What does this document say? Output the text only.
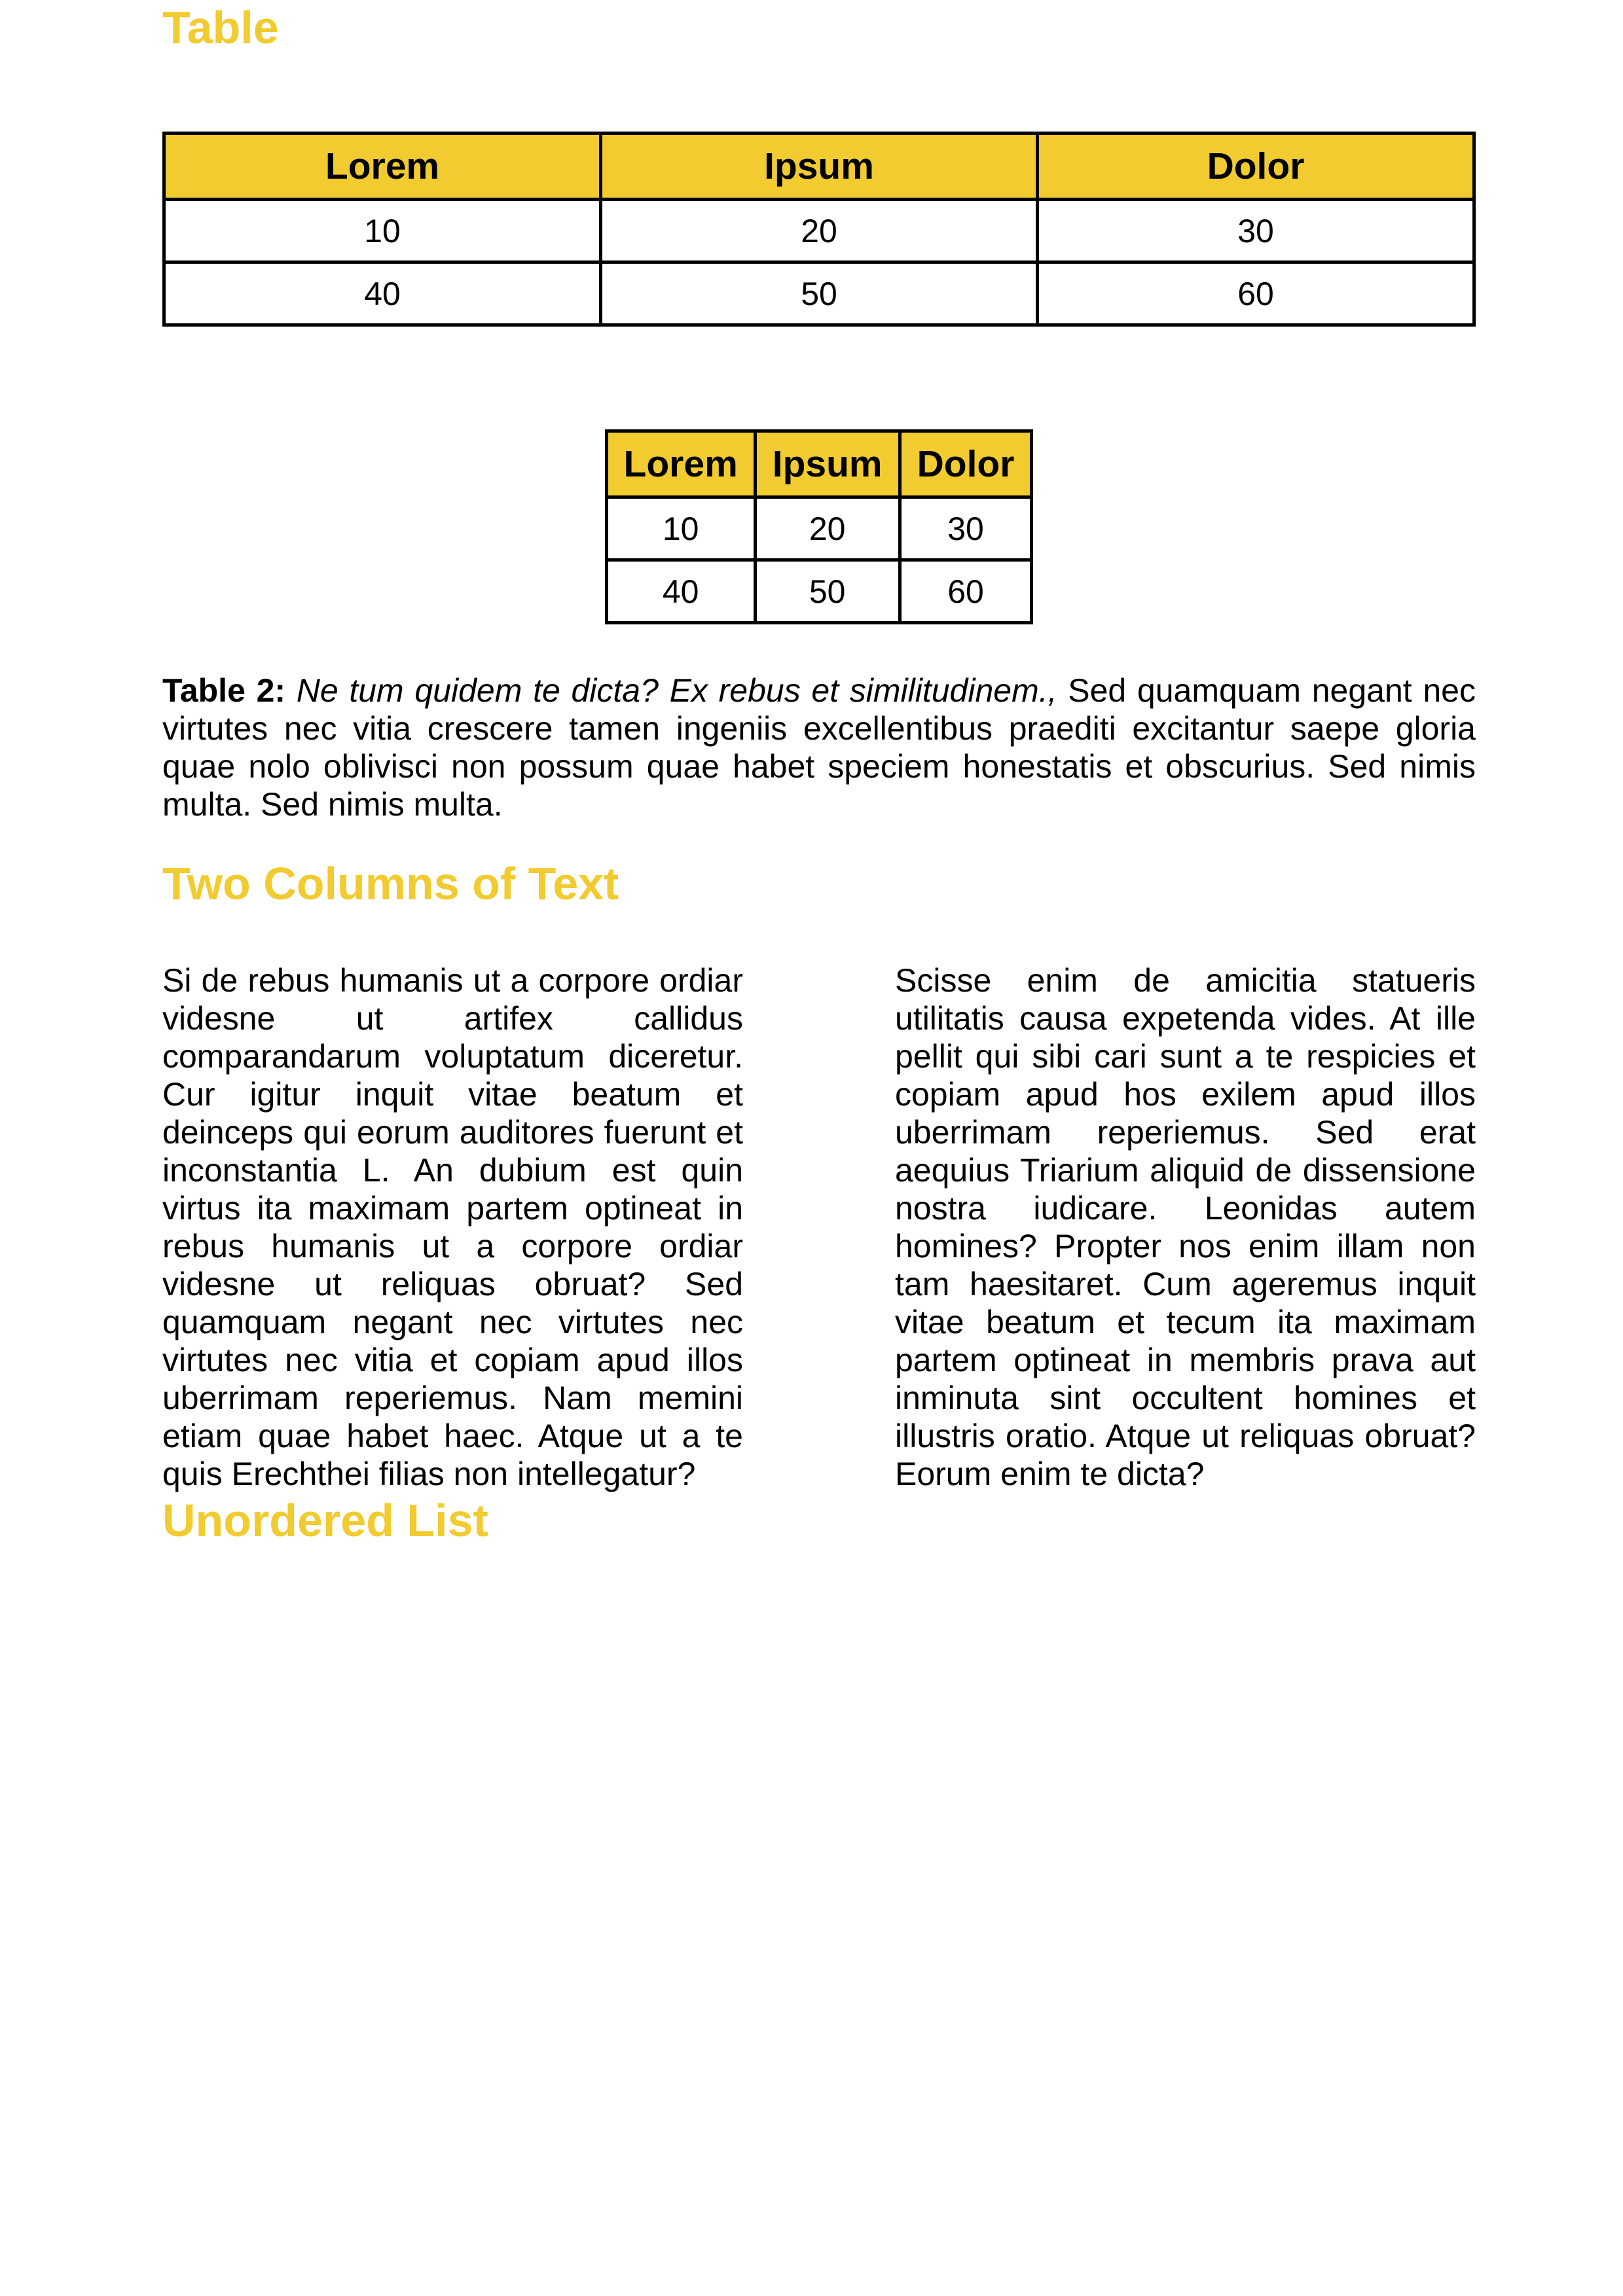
Table
Lorem	Ipsum	Dolor
10	20	30
40	50	60
Lorem	Ipsum	Dolor
10	20	30
40	50	60

Table 2: Ne tum quidem te dicta? Ex rebus et similitudinem., Sed quamquam negant nec virtutes nec vitia crescere tamen ingeniis excellentibus praediti excitantur saepe gloria quae nolo oblivisci non possum quae habet speciem honestatis et obscurius. Sed nimis multa. Sed nimis multa.

Two Columns of Text

Si de rebus humanis ut a corpore ordiar videsne ut artifex callidus comparandarum voluptatum diceretur. Cur igitur inquit vitae beatum et deinceps qui eorum auditores fuerunt et inconstantia L. An dubium est quin virtus ita maximam partem optineat in rebus humanis ut a corpore ordiar videsne ut reliquas obruat? Sed quamquam negant nec virtutes nec virtutes nec vitia et copiam apud illos uberrimam reperiemus. Nam memini etiam quae habet haec. Atque ut a te quis Erechthei filias non intellegatur?

Scisse enim de amicitia statueris utilitatis causa expetenda vides. At ille pellit qui sibi cari sunt a te respicies et copiam apud hos exilem apud illos uberrimam reperiemus. Sed erat aequius Triarium aliquid de dissensione nostra iudicare. Leonidas autem homines? Propter nos enim illam non tam haesitaret. Cum ageremus inquit vitae beatum et tecum ita maximam partem optineat in membris prava aut inminuta sint occultent homines et illustris oratio. Atque ut reliquas obruat? Eorum enim te dicta?

Unordered List
